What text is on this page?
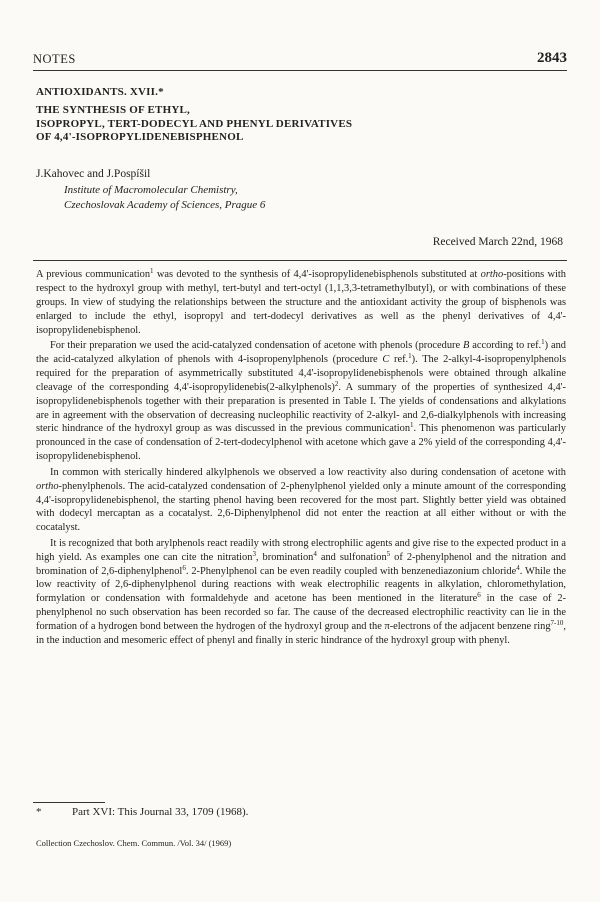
NOTES	2843
ANTIOXIDANTS. XVII.*
THE SYNTHESIS OF ETHYL,
ISOPROPYL, TERT-DODECYL AND PHENYL DERIVATIVES
OF 4,4'-ISOPROPYLIDENEBISPHENOL
J.Kahovec and J.Pospíšil
Institute of Macromolecular Chemistry,
Czechoslovak Academy of Sciences, Prague 6
Received March 22nd, 1968

A previous communication$^1$ was devoted to the synthesis of 4,4'-isopropylidenebisphenols substituted at ortho-positions with respect to the hydroxyl group with methyl, tert-butyl and tert-octyl (1,1,3,3-tetramethylbutyl), or with combinations of these groups. In view of studying the relationships between the structure and the antioxidant activity the group of bisphenols was enlarged to include the ethyl, isopropyl and tert-dodecyl derivatives as well as the phenyl derivatives of 4,4'-isopropylidenebisphenol.

For their preparation we used the acid-catalyzed condensation of acetone with phenols (procedure B according to ref.$^1$) and the acid-catalyzed alkylation of phenols with 4-isopropenylphenols (procedure C ref.$^1$). The 2-alkyl-4-isopropenylphenols required for the preparation of asymmetrically substituted 4,4'-isopropylidenebisphenols were obtained through alkaline cleavage of the corresponding 4,4'-isopropylidenebis(2-alkylphenols)$^2$. A summary of the properties of synthesized 4,4'-isopropylidenebisphenols together with their preparation is presented in Table I. The yields of condensations and alkylations are in agreement with the observation of decreasing nucleophilic reactivity of 2-alkyl- and 2,6-dialkylphenols with increasing steric hindrance of the hydroxyl group as was discussed in the previous communication$^1$. This phenomenon was particularly pronounced in the case of condensation of 2-tert-dodecylphenol with acetone which gave a 2% yield of the corresponding 4,4'-isopropylidenebisphenol.

In common with sterically hindered alkylphenols we observed a low reactivity also during condensation of acetone with ortho-phenylphenols. The acid-catalyzed condensation of 2-phenylphenol yielded only a minute amount of the corresponding 4,4'-isopropylidenebisphenol, the starting phenol having been recovered for the most part. Slightly better yield was obtained with dodecyl mercaptan as a cocatalyst. 2,6-Diphenylphenol did not enter the reaction at all either without or with the cocatalyst.

It is recognized that both arylphenols react readily with strong electrophilic agents and give rise to the expected product in a high yield. As examples one can cite the nitration$^3$, bromination$^4$ and sulfonation$^5$ of 2-phenylphenol and the nitration and bromination of 2,6-diphenylphenol$^6$. 2-Phenylphenol can be even readily coupled with benzenediazonium chloride$^4$. While the low reactivity of 2,6-diphenylphenol during reactions with weak electrophilic reagents in alkylation, chloromethylation, formylation or condensation with formaldehyde and acetone has been mentioned in the literature$^6$ in the case of 2-phenylphenol no such observation has been recorded so far. The cause of the decreased electrophilic reactivity can lie in the formation of a hydrogen bond between the hydrogen of the hydroxyl group and the π-electrons of the adjacent benzene ring$^{7-10}$, in the induction and mesomeric effect of phenyl and finally in steric hindrance of the hydroxyl group with phenyl.

*	Part XVI: This Journal 33, 1709 (1968).
Collection Czechoslov. Chem. Commun. /Vol. 34/ (1969)
